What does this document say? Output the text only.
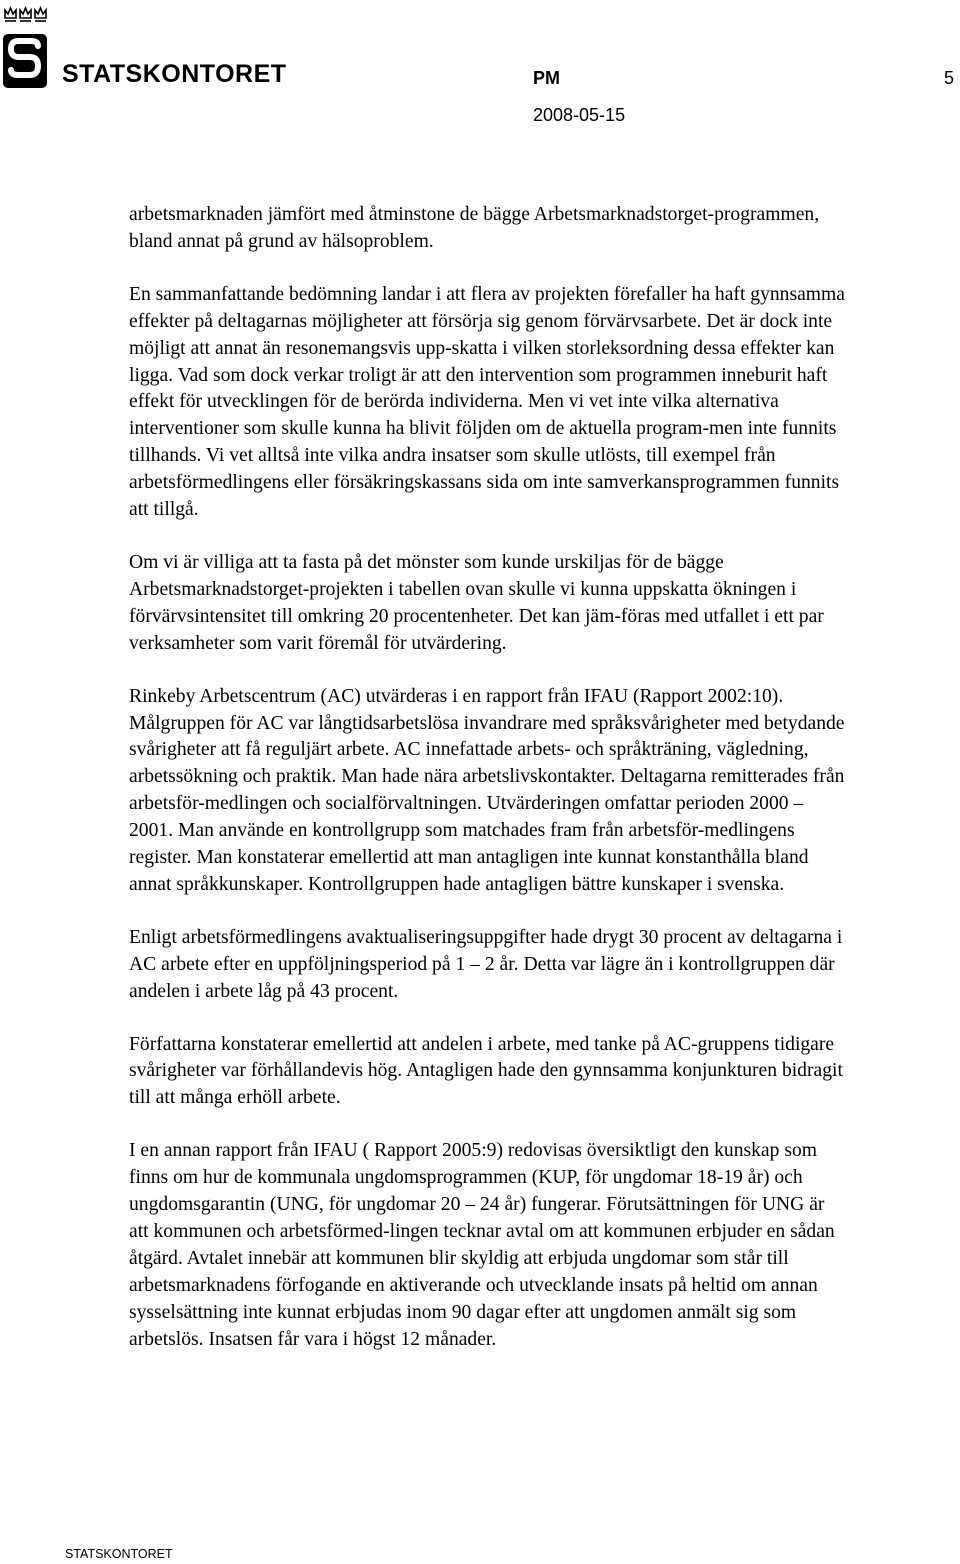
STATSKONTORET	PM	5
2008-05-15

arbetsmarknaden jämfört med åtminstone de bägge Arbetsmarknadstorget-programmen, bland annat på grund av hälsoproblem.

En sammanfattande bedömning landar i att flera av projekten förefaller ha haft gynnsamma effekter på deltagarnas möjligheter att försörja sig genom förvärvsarbete. Det är dock inte möjligt att annat än resonemangsvis upp-skatta i vilken storleksordning dessa effekter kan ligga. Vad som dock verkar troligt är att den intervention som programmen inneburit haft effekt för utvecklingen för de berörda individerna. Men vi vet inte vilka alternativa interventioner som skulle kunna ha blivit följden om de aktuella program-men inte funnits tillhands. Vi vet alltså inte vilka andra insatser som skulle utlösts, till exempel från arbetsförmedlingens eller försäkringskassans sida om inte samverkansprogrammen funnits att tillgå.

Om vi är villiga att ta fasta på det mönster som kunde urskiljas för de bägge Arbetsmarknadstorget-projekten i tabellen ovan skulle vi kunna uppskatta ökningen i förvärvsintensitet till omkring 20 procentenheter. Det kan jäm-föras med utfallet i ett par verksamheter som varit föremål för utvärdering.

Rinkeby Arbetscentrum (AC) utvärderas i en rapport från IFAU (Rapport 2002:10). Målgruppen för AC var långtidsarbetslösa invandrare med språksvårigheter med betydande svårigheter att få reguljärt arbete. AC innefattade arbets- och språkträning, vägledning, arbetssökning och praktik. Man hade nära arbetslivskontakter. Deltagarna remitterades från arbetsför-medlingen och socialförvaltningen. Utvärderingen omfattar perioden 2000 – 2001. Man använde en kontrollgrupp som matchades fram från arbetsför-medlingens register. Man konstaterar emellertid att man antagligen inte kunnat konstanthålla bland annat språkkunskaper. Kontrollgruppen hade antagligen bättre kunskaper i svenska.

Enligt arbetsförmedlingens avaktualiseringsuppgifter hade drygt 30 procent av deltagarna i AC arbete efter en uppföljningsperiod på 1 – 2 år. Detta var lägre än i kontrollgruppen där andelen i arbete låg på 43 procent.

Författarna konstaterar emellertid att andelen i arbete, med tanke på AC-gruppens tidigare svårigheter var förhållandevis hög. Antagligen hade den gynnsamma konjunkturen bidragit till att många erhöll arbete.

I en annan rapport från IFAU ( Rapport 2005:9) redovisas översiktligt den kunskap som finns om hur de kommunala ungdomsprogrammen (KUP, för ungdomar 18-19 år) och ungdomsgarantin (UNG, för ungdomar 20 – 24 år) fungerar. Förutsättningen för UNG är att kommunen och arbetsförmed-lingen tecknar avtal om att kommunen erbjuder en sådan åtgärd. Avtalet innebär att kommunen blir skyldig att erbjuda ungdomar som står till arbetsmarknadens förfogande en aktiverande och utvecklande insats på heltid om annan sysselsättning inte kunnat erbjudas inom 90 dagar efter att ungdomen anmält sig som arbetslös. Insatsen får vara i högst 12 månader.

STATSKONTORET
